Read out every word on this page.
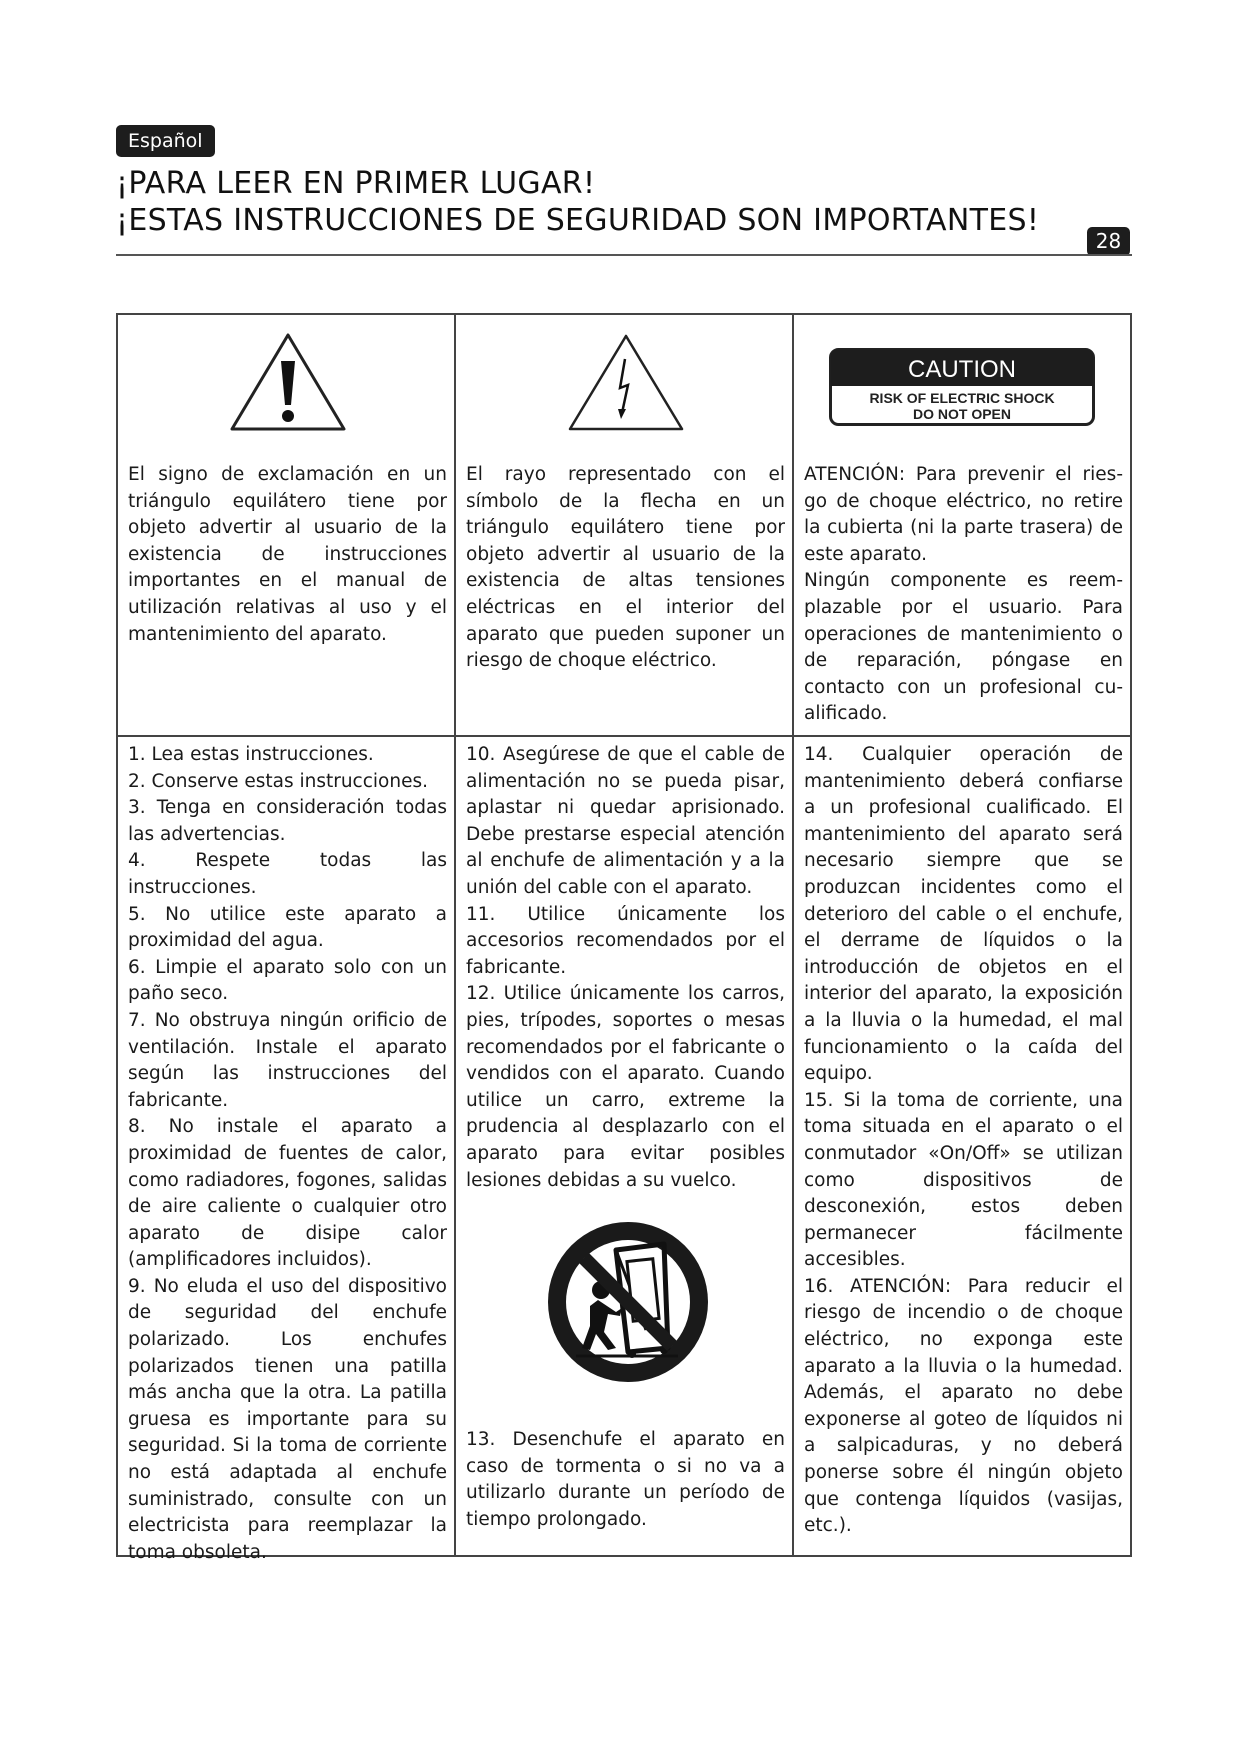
Español
¡PARA LEER EN PRIMER LUGAR!
¡ESTAS INSTRUCCIONES DE SEGURIDAD SON IMPORTANTES!
28

El signo de exclamación en un triángulo equilátero tiene por objeto advertir al usuario de la existencia de instrucciones importantes en el manual de utilización relativas al uso y el mantenimiento del aparato.

El rayo representado con el símbolo de la flecha en un triángulo equilátero tiene por objeto advertir al usuario de la existencia de altas tensiones eléctricas en el interior del aparato que pueden suponer un riesgo de choque eléctrico.

CAUTION
RISK OF ELECTRIC SHOCK
DO NOT OPEN

ATENCIÓN: Para prevenir el ries-go de choque eléctrico, no retire la cubierta (ni la parte trasera) de este aparato.

Ningún componente es reem-plazable por el usuario. Para operaciones de mantenimiento o de reparación, póngase en contacto con un profesional cu-alificado.

1. Lea estas instrucciones.

2. Conserve estas instrucciones.

3. Tenga en consideración todas las advertencias.

4. Respete todas las instrucciones.

5. No utilice este aparato a proximidad del agua.

6. Limpie el aparato solo con un paño seco.

7. No obstruya ningún orificio de ventilación. Instale el aparato según las instrucciones del fabricante.

8. No instale el aparato a proximidad de fuentes de calor, como radiadores, fogones, salidas de aire caliente o cualquier otro aparato de disipe calor (amplificadores incluidos).

9. No eluda el uso del dispositivo de seguridad del enchufe polarizado. Los enchufes polarizados tienen una patilla más ancha que la otra. La patilla gruesa es importante para su seguridad. Si la toma de corriente no está adaptada al enchufe suministrado, consulte con un electricista para reemplazar la toma obsoleta.

10. Asegúrese de que el cable de alimentación no se pueda pisar, aplastar ni quedar aprisionado. Debe prestarse especial atención al enchufe de alimentación y a la unión del cable con el aparato.

11. Utilice únicamente los accesorios recomendados por el fabricante.

12. Utilice únicamente los carros, pies, trípodes, soportes o mesas recomendados por el fabricante o vendidos con el aparato. Cuando utilice un carro, extreme la prudencia al desplazarlo con el aparato para evitar posibles lesiones debidas a su vuelco.

13. Desenchufe el aparato en caso de tormenta o si no va a utilizarlo durante un período de tiempo prolongado.

14. Cualquier operación de mantenimiento deberá confiarse a un profesional cualificado. El mantenimiento del aparato será necesario siempre que se produzcan incidentes como el deterioro del cable o el enchufe, el derrame de líquidos o la introducción de objetos en el interior del aparato, la exposición a la lluvia o la humedad, el mal funcionamiento o la caída del equipo.

15. Si la toma de corriente, una toma situada en el aparato o el conmutador «On/Off» se utilizan como dispositivos de desconexión, estos deben permanecer fácilmente accesibles.

16. ATENCIÓN: Para reducir el riesgo de incendio o de choque eléctrico, no exponga este aparato a la lluvia o la humedad. Además, el aparato no debe exponerse al goteo de líquidos ni a salpicaduras, y no deberá ponerse sobre él ningún objeto que contenga líquidos (vasijas, etc.).
